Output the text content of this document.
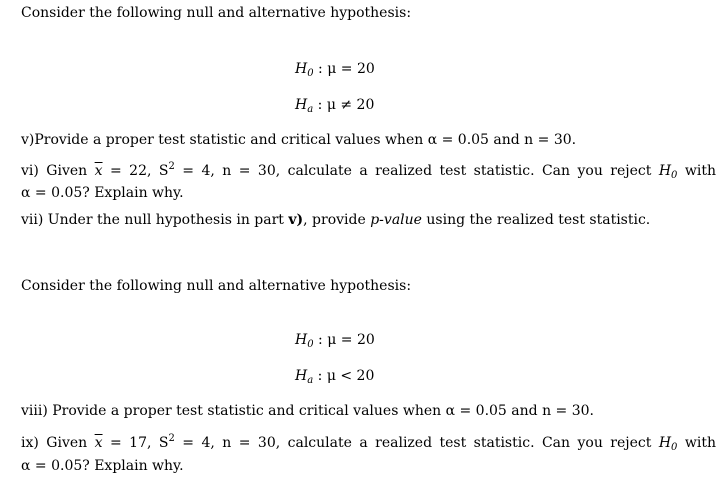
Consider the following null and alternative hypothesis:
$H_0$ : μ = 20
$H_a$ : μ ≠ 20
v)Provide a proper test statistic and critical values when α = 0.05 and n = 30.
vi) Given $\overline{x} = 22$, $S^2 = 4$, n = 30, calculate a realized test statistic. Can you reject $H_0$ with
α = 0.05? Explain why.
vii) Under the null hypothesis in part v), provide p-value using the realized test statistic.
Consider the following null and alternative hypothesis:
$H_0$ : μ = 20
$H_a$ : μ < 20
viii) Provide a proper test statistic and critical values when α = 0.05 and n = 30.
ix) Given $\overline{x} = 17$, $S^2 = 4$, n = 30, calculate a realized test statistic. Can you reject $H_0$ with
α = 0.05? Explain why.
